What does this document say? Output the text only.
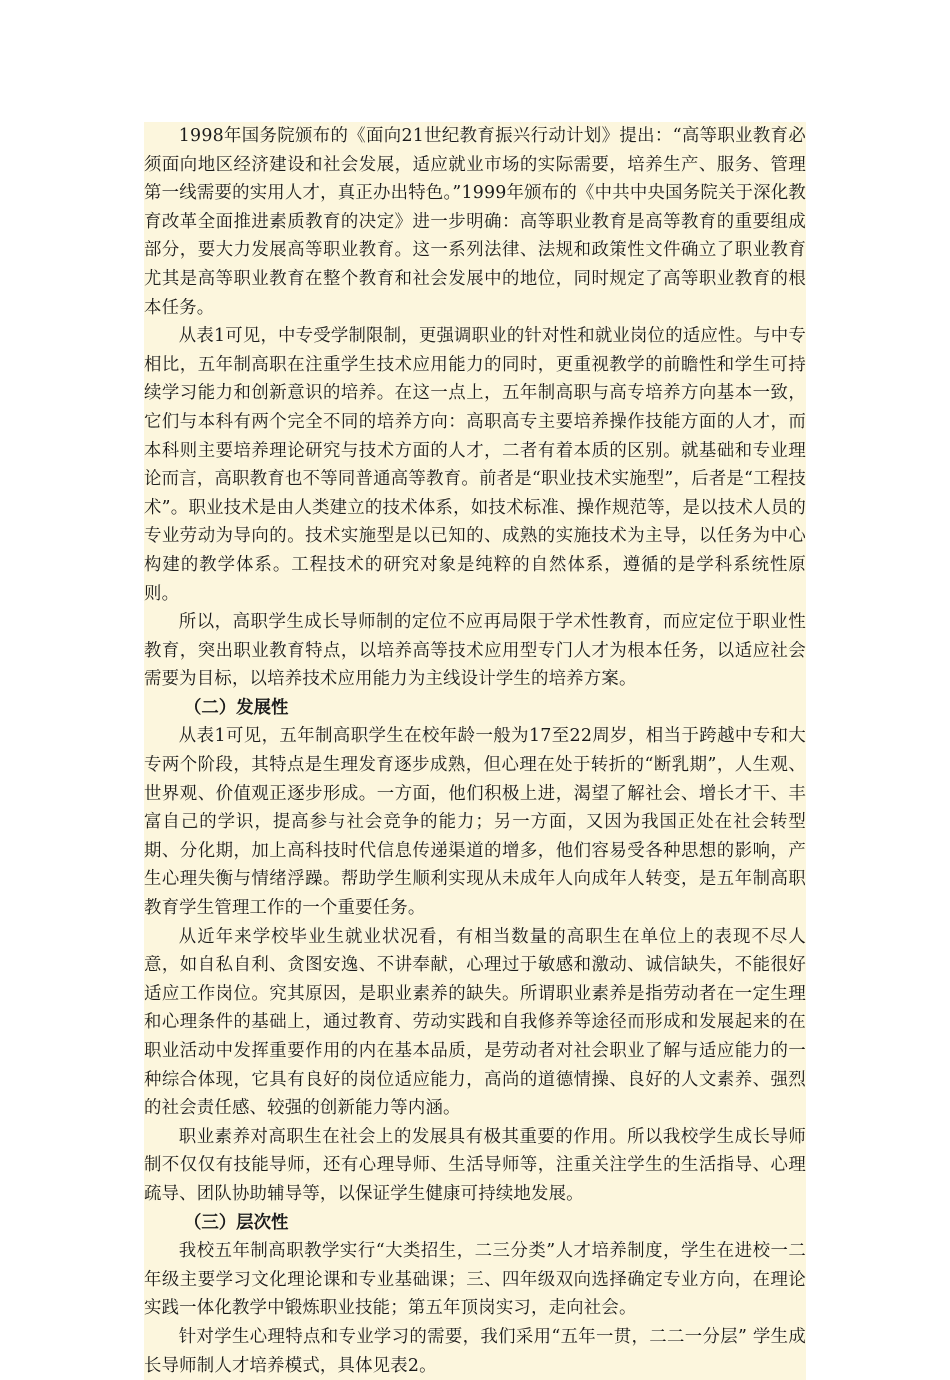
1998年国务院颁布的《面向21世纪教育振兴行动计划》提出：“高等职业教育必须面向地区经济建设和社会发展，适应就业市场的实际需要，培养生产、服务、管理第一线需要的实用人才，真正办出特色。”1999年颁布的《中共中央国务院关于深化教育改革全面推进素质教育的决定》进一步明确：高等职业教育是高等教育的重要组成部分，要大力发展高等职业教育。这一系列法律、法规和政策性文件确立了职业教育尤其是高等职业教育在整个教育和社会发展中的地位，同时规定了高等职业教育的根本任务。

从表1可见，中专受学制限制，更强调职业的针对性和就业岗位的适应性。与中专相比，五年制高职在注重学生技术应用能力的同时，更重视教学的前瞻性和学生可持续学习能力和创新意识的培养。在这一点上，五年制高职与高专培养方向基本一致，它们与本科有两个完全不同的培养方向：高职高专主要培养操作技能方面的人才，而本科则主要培养理论研究与技术方面的人才，二者有着本质的区别。就基础和专业理论而言，高职教育也不等同普通高等教育。前者是“职业技术实施型”，后者是“工程技术”。职业技术是由人类建立的技术体系，如技术标准、操作规范等，是以技术人员的专业劳动为导向的。技术实施型是以已知的、成熟的实施技术为主导，以任务为中心构建的教学体系。工程技术的研究对象是纯粹的自然体系，遵循的是学科系统性原则。

所以，高职学生成长导师制的定位不应再局限于学术性教育，而应定位于职业性教育，突出职业教育特点，以培养高等技术应用型专门人才为根本任务，以适应社会需要为目标，以培养技术应用能力为主线设计学生的培养方案。

（二）发展性

从表1可见，五年制高职学生在校年龄一般为17至22周岁，相当于跨越中专和大专两个阶段，其特点是生理发育逐步成熟，但心理在处于转折的“断乳期”，人生观、世界观、价值观正逐步形成。一方面，他们积极上进，渴望了解社会、增长才干、丰富自己的学识，提高参与社会竞争的能力；另一方面，又因为我国正处在社会转型期、分化期，加上高科技时代信息传递渠道的增多，他们容易受各种思想的影响，产生心理失衡与情绪浮躁。帮助学生顺利实现从未成年人向成年人转变，是五年制高职教育学生管理工作的一个重要任务。

从近年来学校毕业生就业状况看，有相当数量的高职生在单位上的表现不尽人意，如自私自利、贪图安逸、不讲奉献，心理过于敏感和激动、诚信缺失，不能很好适应工作岗位。究其原因，是职业素养的缺失。所谓职业素养是指劳动者在一定生理和心理条件的基础上，通过教育、劳动实践和自我修养等途径而形成和发展起来的在职业活动中发挥重要作用的内在基本品质，是劳动者对社会职业了解与适应能力的一种综合体现，它具有良好的岗位适应能力，高尚的道德情操、良好的人文素养、强烈的社会责任感、较强的创新能力等内涵。

职业素养对高职生在社会上的发展具有极其重要的作用。所以我校学生成长导师制不仅仅有技能导师，还有心理导师、生活导师等，注重关注学生的生活指导、心理疏导、团队协助辅导等，以保证学生健康可持续地发展。

（三）层次性

我校五年制高职教学实行“大类招生，二三分类”人才培养制度，学生在进校一二年级主要学习文化理论课和专业基础课；三、四年级双向选择确定专业方向，在理论实践一体化教学中锻炼职业技能；第五年顶岗实习，走向社会。

针对学生心理特点和专业学习的需要，我们采用“五年一贯，二二一分层” 学生成长导师制人才培养模式，具体见表2。
